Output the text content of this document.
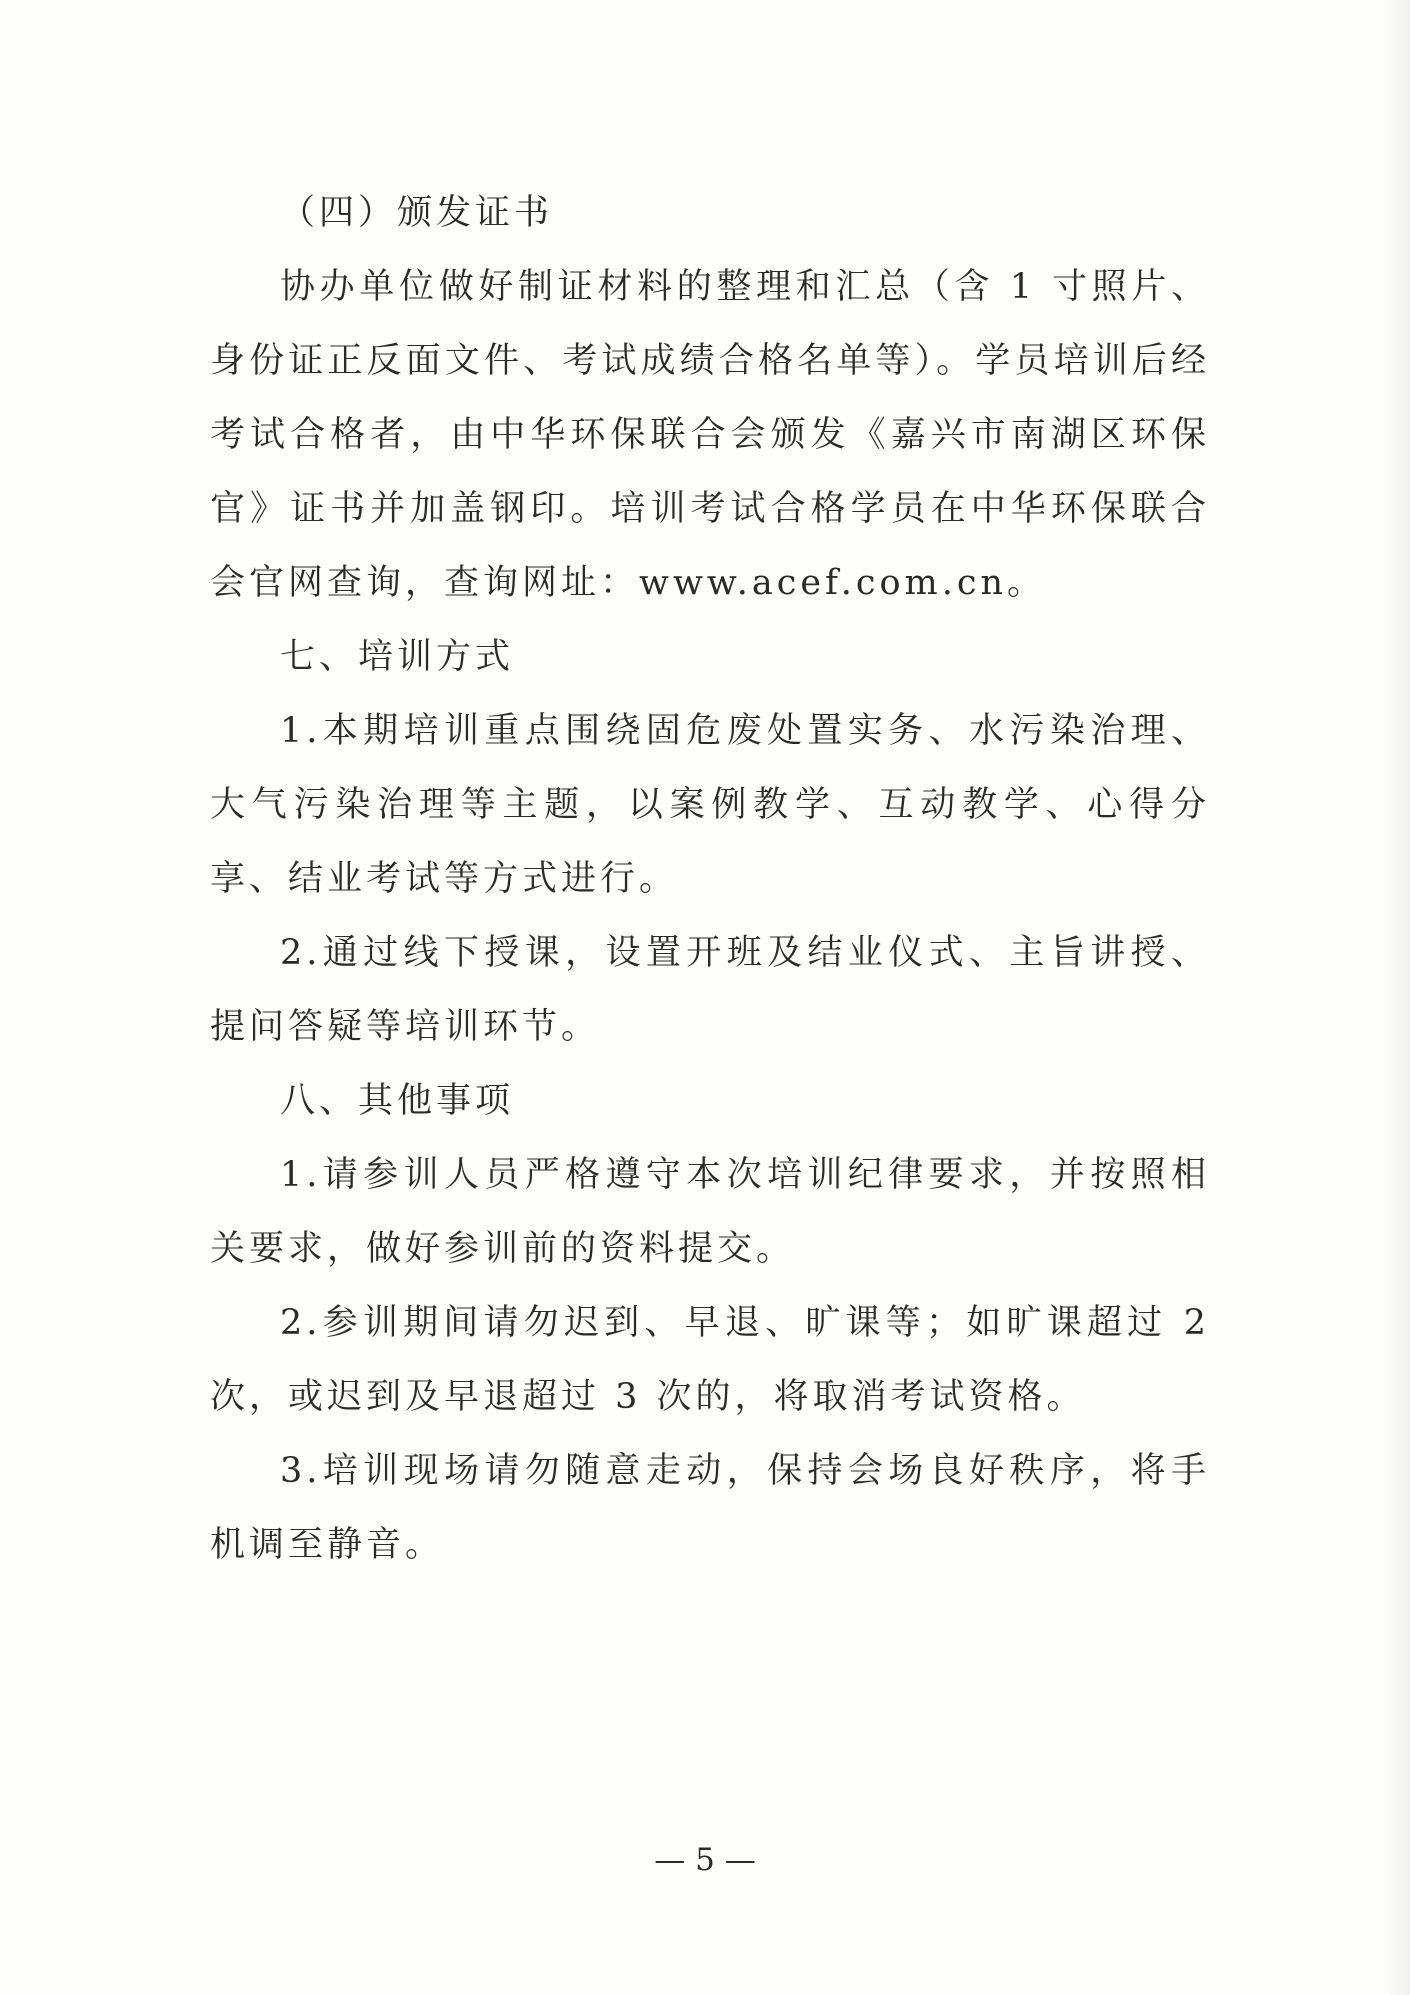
（四）颁发证书

协办单位做好制证材料的整理和汇总（含 1 寸照片、身份证正反面文件、考试成绩合格名单等）。学员培训后经考试合格者，由中华环保联合会颁发《嘉兴市南湖区环保官》证书并加盖钢印。培训考试合格学员在中华环保联合会官网查询，查询网址：www.acef.com.cn。

七、培训方式

1.本期培训重点围绕固危废处置实务、水污染治理、大气污染治理等主题，以案例教学、互动教学、心得分享、结业考试等方式进行。

2.通过线下授课，设置开班及结业仪式、主旨讲授、提问答疑等培训环节。

八、其他事项

1.请参训人员严格遵守本次培训纪律要求，并按照相关要求，做好参训前的资料提交。

2.参训期间请勿迟到、早退、旷课等；如旷课超过 2 次，或迟到及早退超过 3 次的，将取消考试资格。

3.培训现场请勿随意走动，保持会场良好秩序，将手机调至静音。

— 5 —
